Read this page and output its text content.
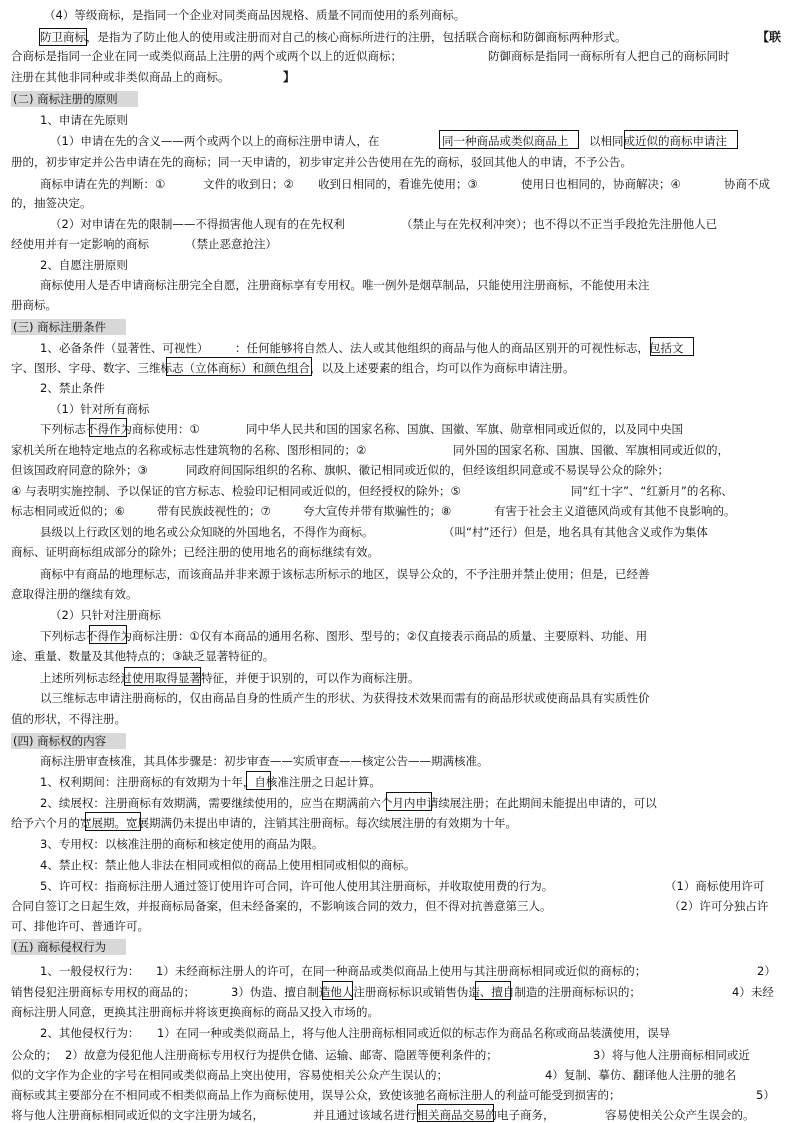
(二) 商标注册的原则
(三) 商标注册条件
(四) 商标权的内容
(五) 商标侵权行为
【联
】
（4）等级商标，是指同一个企业对同类商品因规格、质量不同而使用的系列商标。
防卫商标，是指为了防止他人的使用或注册而对自己的核心商标所进行的注册，包括联合商标和防御商标两种形式。
合商标是指同一企业在同一或类似商品上注册的两个或两个以上的近似商标；	防御商标是指同一商标所有人把自己的商标同时
注册在其他非同种或非类似商品上的商标。
1、申请在先原则
（1）申请在先的含义——两个或两个以上的商标注册申请人，在	同一种商品或类似商品上 以相同或近似的商标申请注
册的，初步审定并公告申请在先的商标；同一天申请的，初步审定并公告使用在先的商标，驳回其他人的申请，不予公告。
商标申请在先的判断：①	文件的收到日；② 收到日相同的，看谁先使用；③	使用日也相同的，协商解决；④	协商不成
的，抽签决定。
（2）对申请在先的限制——不得损害他人现有的在先权利	（禁止与在先权利冲突）；也不得以不正当手段抢先注册他人已
经使用并有一定影响的商标	（禁止恶意抢注）
2、自愿注册原则
商标使用人是否申请商标注册完全自愿，注册商标享有专用权。唯一例外是烟草制品，只能使用注册商标，不能使用未注
册商标。
1、必备条件（显著性、可视性） ：任何能够将自然人、法人或其他组织的商品与他人的商品区别开的可视性标志，包括文
字、图形、字母、数字、三维标志（立体商标）和颜色组合，以及上述要素的组合，均可以作为商标申请注册。
2、禁止条件
（1）针对所有商标
下列标志不得作为商标使用：①	同中华人民共和国的国家名称、国旗、国徽、军旗、勋章相同或近似的，以及同中央国
家机关所在地特定地点的名称或标志性建筑物的名称、图形相同的；②	同外国的国家名称、国旗、国徽、军旗相同或近似的，
但该国政府同意的除外；③	同政府间国际组织的名称、旗帜、徽记相同或近似的，但经该组织同意或不易误导公众的除外；
④ 与表明实施控制、予以保证的官方标志、检验印记相同或近似的，但经授权的除外；⑤	同“红十字”、“红新月”的名称、
标志相同或近似的；⑥	带有民族歧视性的；⑦	夸大宣传并带有欺骗性的；⑧	有害于社会主义道德风尚或有其他不良影响的。
县级以上行政区划的地名或公众知晓的外国地名，不得作为商标。	（叫“村”还行）但是，地名具有其他含义或作为集体
商标、证明商标组成部分的除外；已经注册的使用地名的商标继续有效。
商标中有商品的地理标志，而该商品并非来源于该标志所标示的地区，误导公众的，不予注册并禁止使用；但是，已经善
意取得注册的继续有效。
（2）只针对注册商标
下列标志不得作为商标注册：①仅有本商品的通用名称、图形、型号的；②仅直接表示商品的质量、主要原料、功能、用
途、重量、数量及其他特点的；③缺乏显著特征的。
上述所列标志经过使用取得显著特征，并便于识别的，可以作为商标注册。
以三维标志申请注册商标的，仅由商品自身的性质产生的形状、为获得技术效果而需有的商品形状或使商品具有实质性价
值的形状，不得注册。
商标注册审查核准，其具体步骤是：初步审查——实质审查——核定公告——期满核准。
1、权利期间：注册商标的有效期为十年，自核准注册之日起计算。
2、续展权：注册商标有效期满，需要继续使用的，应当在期满前六个月内申请续展注册；在此期间未能提出申请的，可以
给予六个月的宽展期。宽展期满仍未提出申请的，注销其注册商标。每次续展注册的有效期为十年。
3、专用权：以核准注册的商标和核定使用的商品为限。
4、禁止权：禁止他人非法在相同或相似的商品上使用相同或相似的商标。
5、许可权：指商标注册人通过签订使用许可合同，许可他人使用其注册商标，并收取使用费的行为。	（1）商标使用许可
合同自签订之日起生效，并报商标局备案，但未经备案的，不影响该合同的效力，但不得对抗善意第三人。	（2）许可分独占许
可、排他许可、普通许可。
1、一般侵权行为： 1）未经商标注册人的许可，在同一种商品或类似商品上使用与其注册商标相同或近似的商标的；	2）
销售侵犯注册商标专用权的商品的；	3）伪造、擅自制造他人注册商标标识或销售伪造、擅自制造的注册商标标识的；	4）未经
商标注册人同意，更换其注册商标并将该更换商标的商品又投入市场的。
2、其他侵权行为： 1）在同一种或类似商品上，将与他人注册商标相同或近似的标志作为商品名称或商品装潢使用，误导
公众的； 2）故意为侵犯他人注册商标专用权行为提供仓储、运输、邮寄、隐匿等便利条件的；	3）将与他人注册商标相同或近
似的文字作为企业的字号在相同或类似商品上突出使用，容易使相关公众产生误认的；	4）复制、摹仿、翻译他人注册的驰名
商标或其主要部分在不相同或不相类似商品上作为商标使用，误导公众，致使该驰名商标注册人的利益可能受到损害的；	5）
将与他人注册商标相同或近似的文字注册为域名，	并且通过该域名进行相关商品交易的电子商务，	容易使相关公众产生误会的。
